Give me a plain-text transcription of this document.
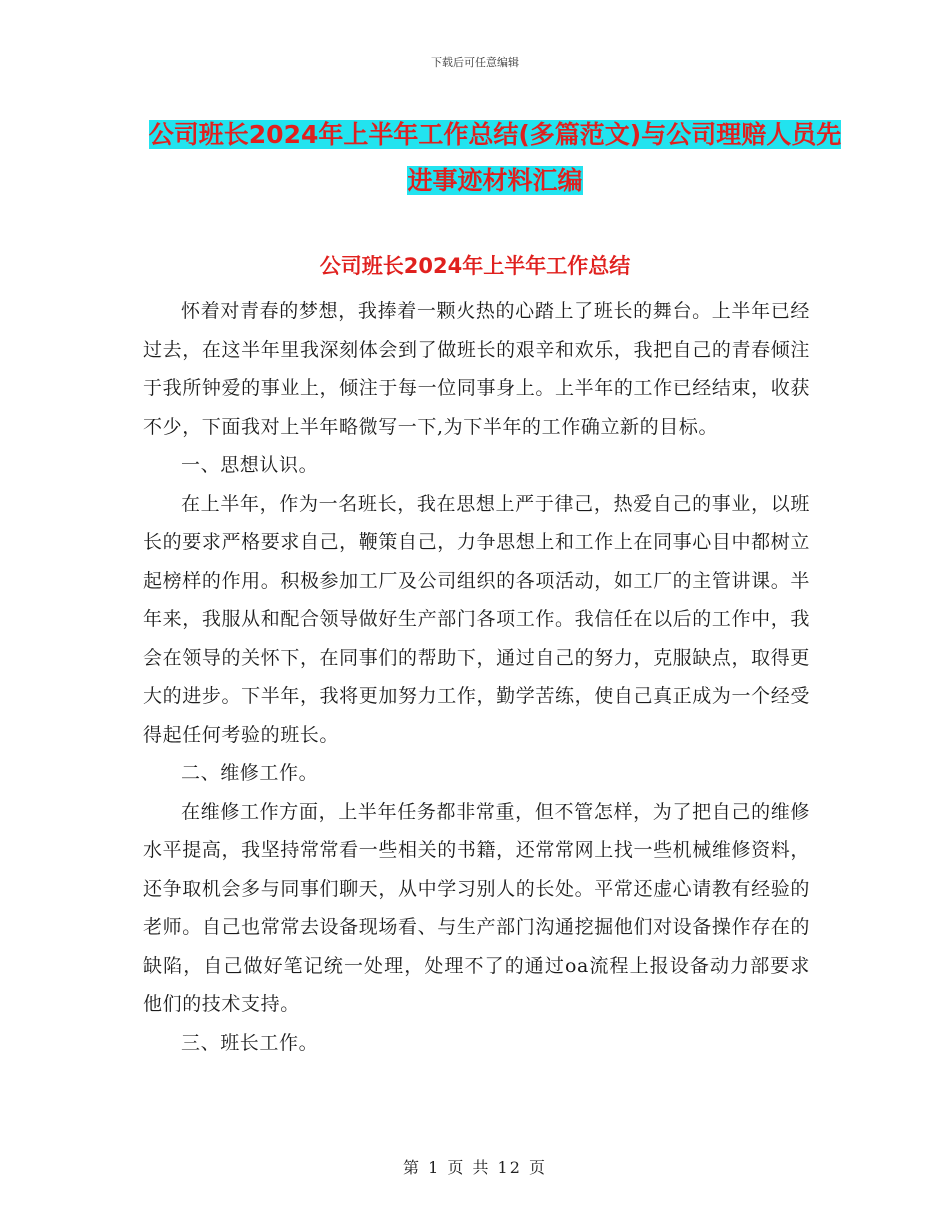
下载后可任意编辑
公司班长2024年上半年工作总结(多篇范文)与公司理赔人员先进事迹材料汇编
公司班长2024年上半年工作总结

怀着对青春的梦想，我捧着一颗火热的心踏上了班长的舞台。上半年已经过去，在这半年里我深刻体会到了做班长的艰辛和欢乐，我把自己的青春倾注于我所钟爱的事业上，倾注于每一位同事身上。上半年的工作已经结束，收获不少，下面我对上半年略微写一下,为下半年的工作确立新的目标。

一、思想认识。

在上半年，作为一名班长，我在思想上严于律己，热爱自己的事业，以班长的要求严格要求自己，鞭策自己，力争思想上和工作上在同事心目中都树立起榜样的作用。积极参加工厂及公司组织的各项活动，如工厂的主管讲课。半年来，我服从和配合领导做好生产部门各项工作。我信任在以后的工作中，我会在领导的关怀下，在同事们的帮助下，通过自己的努力，克服缺点，取得更大的进步。下半年，我将更加努力工作，勤学苦练，使自己真正成为一个经受得起任何考验的班长。

二、维修工作。

在维修工作方面，上半年任务都非常重，但不管怎样，为了把自己的维修水平提高，我坚持常常看一些相关的书籍，还常常网上找一些机械维修资料，还争取机会多与同事们聊天，从中学习别人的长处。平常还虚心请教有经验的老师。自己也常常去设备现场看、与生产部门沟通挖掘他们对设备操作存在的缺陷，自己做好笔记统一处理，处理不了的通过oa流程上报设备动力部要求他们的技术支持。

三、班长工作。

第 1 页 共 12 页
